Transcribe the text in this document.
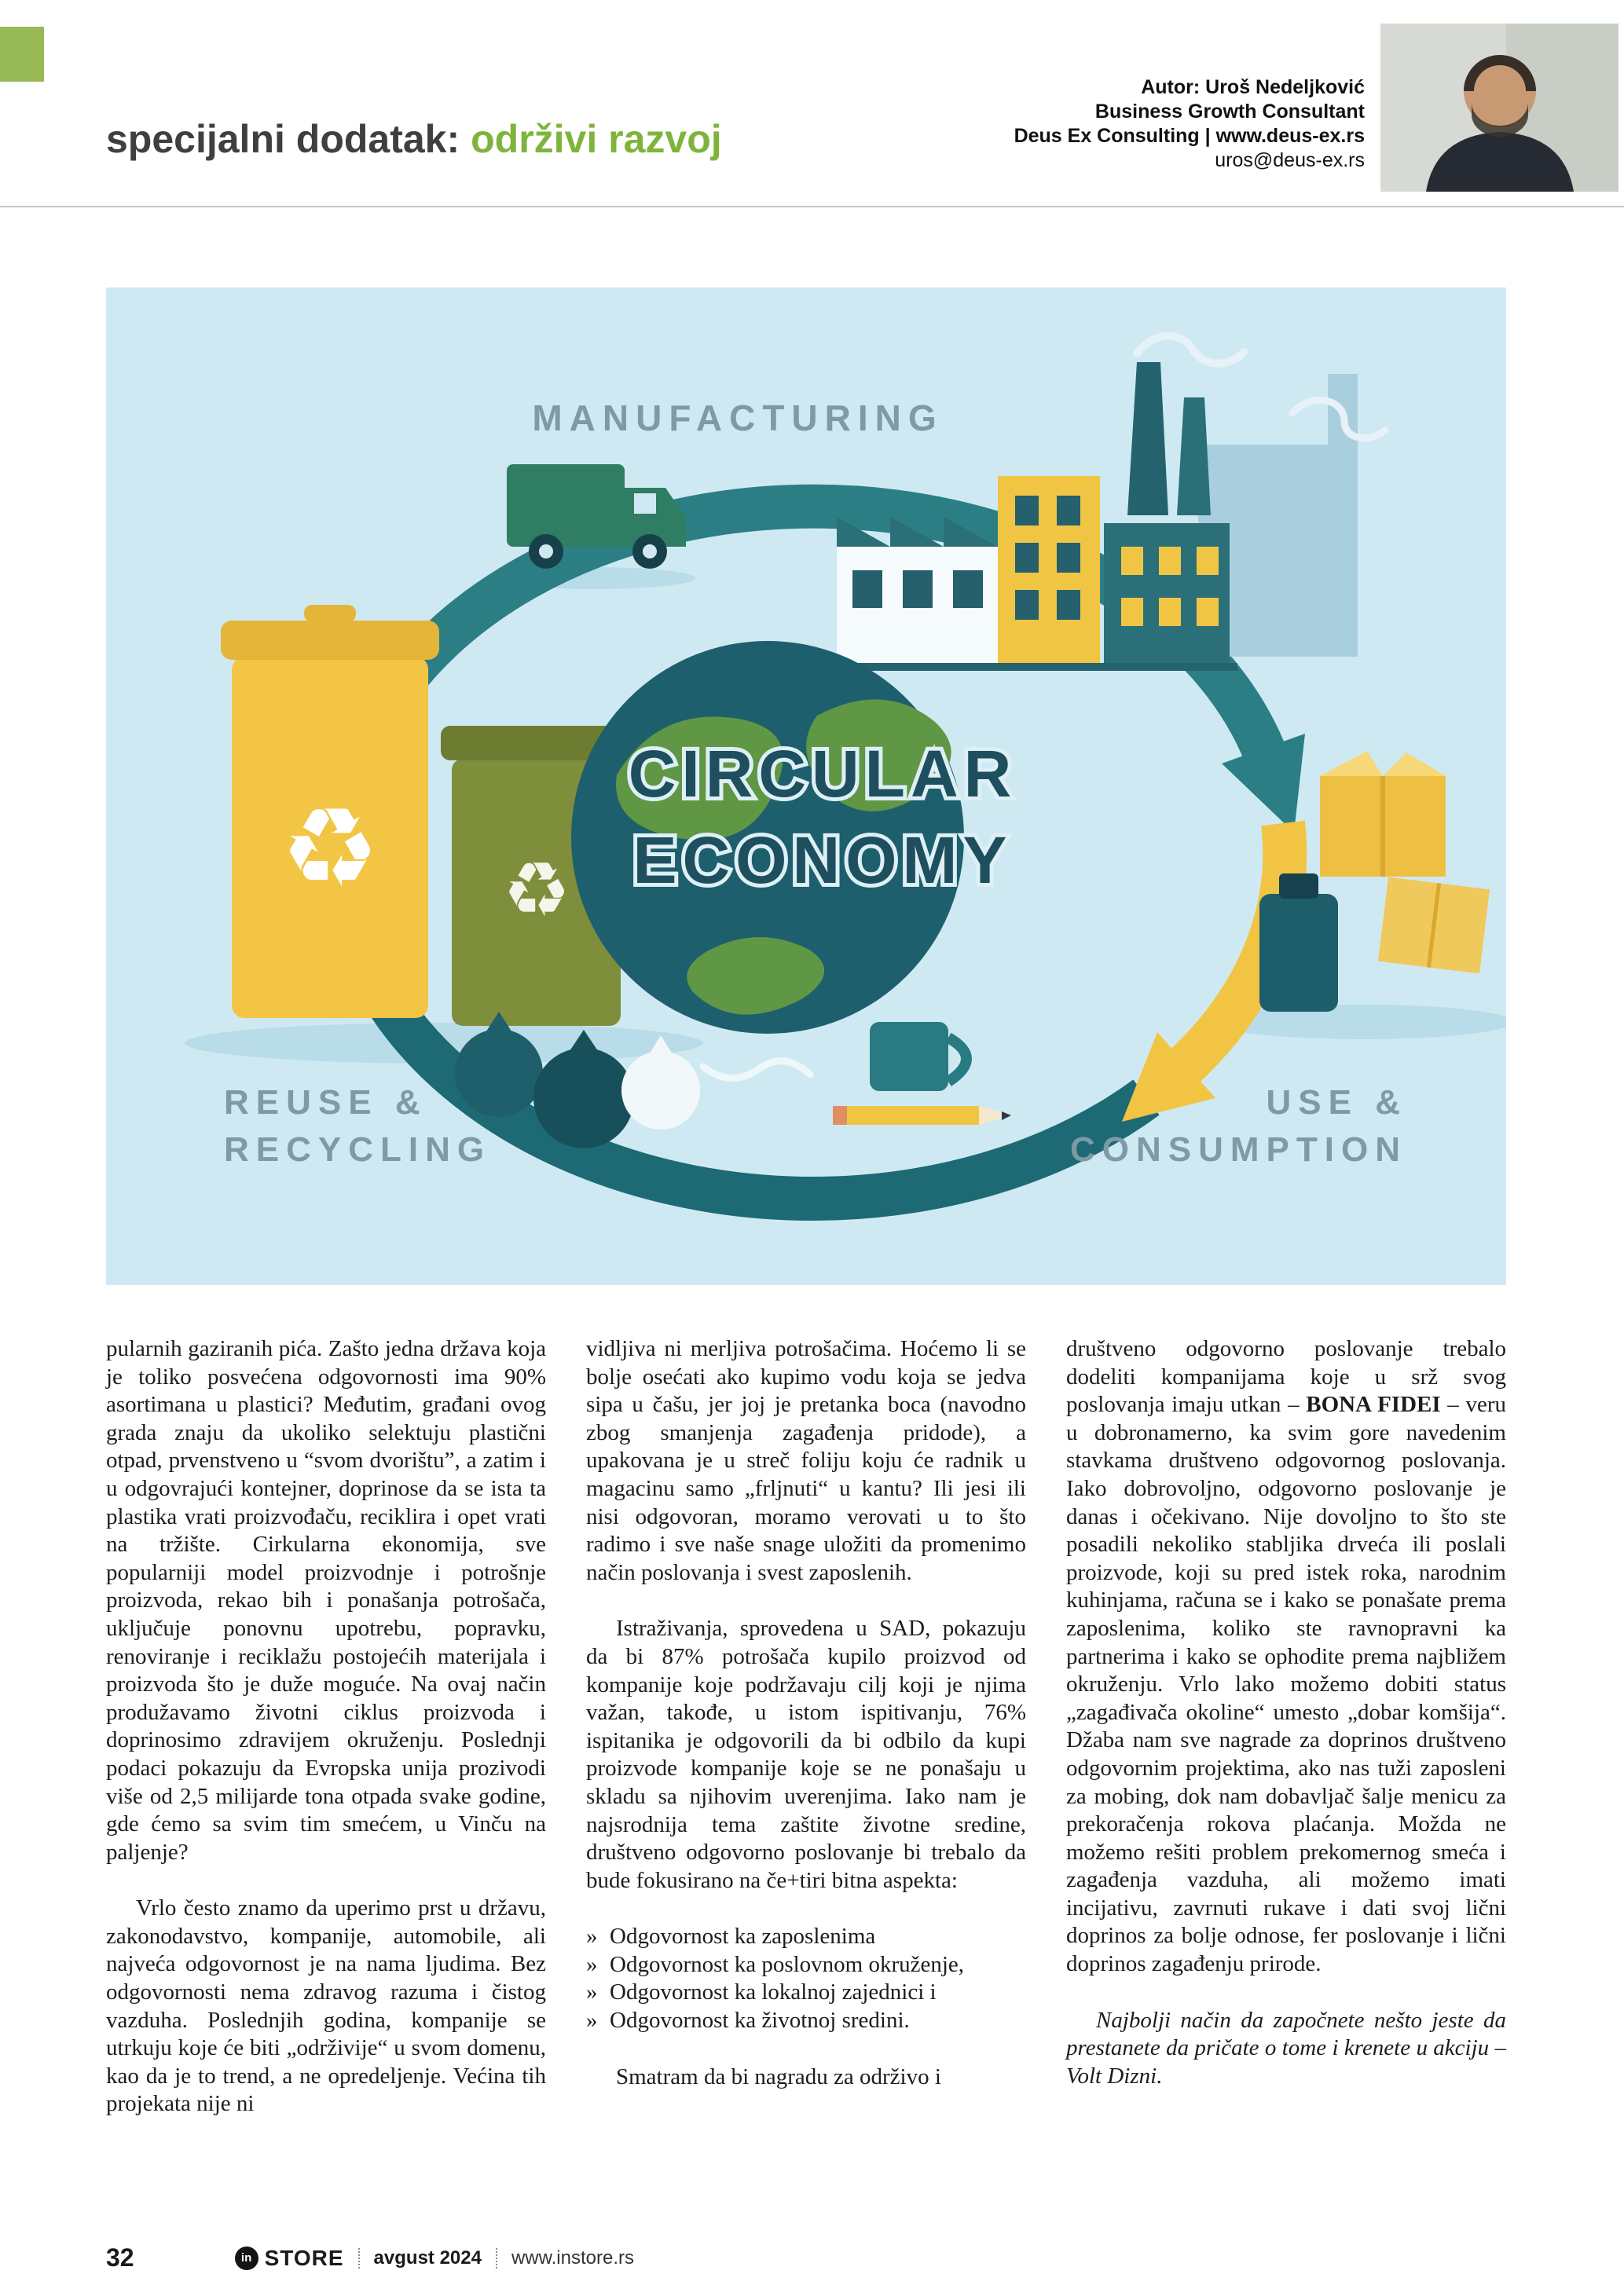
specijalni dodatak: održivi razvoj
Autor: Uroš Nedeljković
Business Growth Consultant
Deus Ex Consulting | www.deus-ex.rs
uros@deus-ex.rs
♻
♻
MANUFACTURING
CIRCULAR
ECONOMY
REUSE &
RECYCLING
USE &
CONSUMPTION

pularnih gaziranih pića. Zašto jedna država koja je toliko posvećena odgovornosti ima 90% asortimana u plastici? Međutim, građani ovog grada znaju da ukoliko selektuju plastični otpad, prvenstveno u “svom dvorištu”, a zatim i u odgovrajući kontejner, doprinose da se ista ta plastika vrati proizvođaču, reciklira i opet vrati na tržište. Cirkularna ekonomija, sve popularniji model proizvodnje i potrošnje proizvoda, rekao bih i ponašanja potrošača, uključuje ponovnu upotrebu, popravku, renoviranje i reciklažu postojećih materijala i proizvoda što je duže moguće. Na ovaj način produžavamo životni ciklus proizvoda i doprinosimo zdravijem okruženju. Poslednji podaci pokazuju da Evropska unija prozivodi više od 2,5 milijarde tona otpada svake godine, gde ćemo sa svim tim smećem, u Vinču na paljenje?

Vrlo često znamo da uperimo prst u državu, zakonodavstvo, kompanije, automobile, ali najveća odgovornost je na nama ljudima. Bez odgovornosti nema zdravog razuma i čistog vazduha. Poslednjih godina, kompanije se utrkuju koje će biti „održivije“ u svom domenu, kao da je to trend, a ne opredeljenje. Većina tih projekata nije ni

vidljiva ni merljiva potrošačima. Hoćemo li se bolje osećati ako kupimo vodu koja se jedva sipa u čašu, jer joj je pretanka boca (navodno zbog smanjenja zagađenja pridode), a upakovana je u streč foliju koju će radnik u magacinu samo „frljnuti“ u kantu? Ili jesi ili nisi odgovoran, moramo verovati u to što radimo i sve naše snage uložiti da promenimo način poslovanja i svest zaposlenih.

Istraživanja, sprovedena u SAD, pokazuju da bi 87% potrošača kupilo proizvod od kompanije koje podržavaju cilj koji je njima važan, takođe, u istom ispitivanju, 76% ispitanika je odgovorili da bi odbilo da kupi proizvode kompanije koje se ne ponašaju u skladu sa njihovim uverenjima. Iako nam je najsrodnija tema zaštite životne sredine, društveno odgovorno poslovanje bi trebalo da bude fokusirano na če+tiri bitna aspekta:

» Odgovornost ka zaposlenima
» Odgovornost ka poslovnom okruženje,
» Odgovornost ka lokalnoj zajednici i
» Odgovornost ka životnoj sredini.

Smatram da bi nagradu za održivo i

društveno odgovorno poslovanje trebalo dodeliti kompanijama koje u srž svog poslovanja imaju utkan – BONA FIDEI – veru u dobronamerno, ka svim gore navedenim stavkama društveno odgovornog poslovanja. Iako dobrovoljno, odgovorno poslovanje je danas i očekivano. Nije dovoljno to što ste posadili nekoliko stabljika drveća ili poslali proizvode, koji su pred istek roka, narodnim kuhinjama, računa se i kako se ponašate prema zaposlenima, koliko ste ravnopravni ka partnerima i kako se ophodite prema najbližem okruženju. Vrlo lako možemo dobiti status „zagađivača okoline“ umesto „dobar komšija“. Džaba nam sve nagrade za doprinos društveno odgovornim projektima, ako nas tuži zaposleni za mobing, dok nam dobavljač šalje menicu za prekoračenja rokova plaćanja. Možda ne možemo rešiti problem prekomernog smeća i zagađenja vazduha, ali možemo imati incijativu, zavrnuti rukave i dati svoj lični doprinos za bolje odnose, fer poslovanje i lični doprinos zagađenju prirode.

Najbolji način da započnete nešto jeste da prestanete da pričate o tome i krenete u akciju – Volt Dizni.

32	in STORE avgust 2024 www.instore.rs
